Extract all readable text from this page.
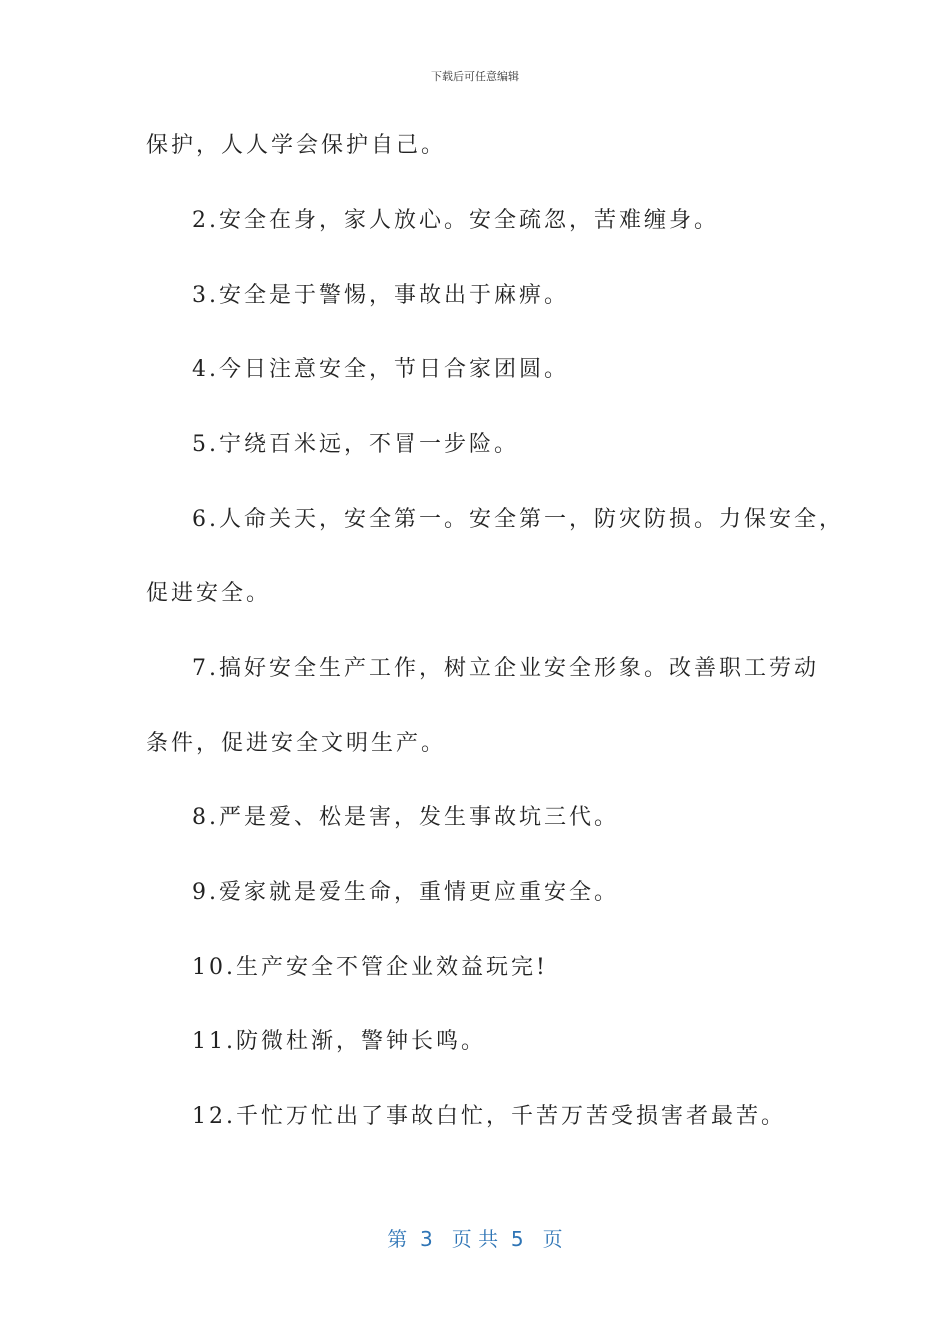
下载后可任意编辑
保护，人人学会保护自己。
2.安全在身，家人放心。安全疏忽，苦难缠身。
3.安全是于警惕，事故出于麻痹。
4.今日注意安全，节日合家团圆。
5.宁绕百米远，不冒一步险。
6.人命关天，安全第一。安全第一，防灾防损。力保安全，
促进安全。
7.搞好安全生产工作，树立企业安全形象。改善职工劳动
条件，促进安全文明生产。
8.严是爱、松是害，发生事故坑三代。
9.爱家就是爱生命，重情更应重安全。
10.生产安全不管企业效益玩完!
11.防微杜渐，警钟长鸣。
12.千忙万忙出了事故白忙，千苦万苦受损害者最苦。
第  3   页 共  5   页
